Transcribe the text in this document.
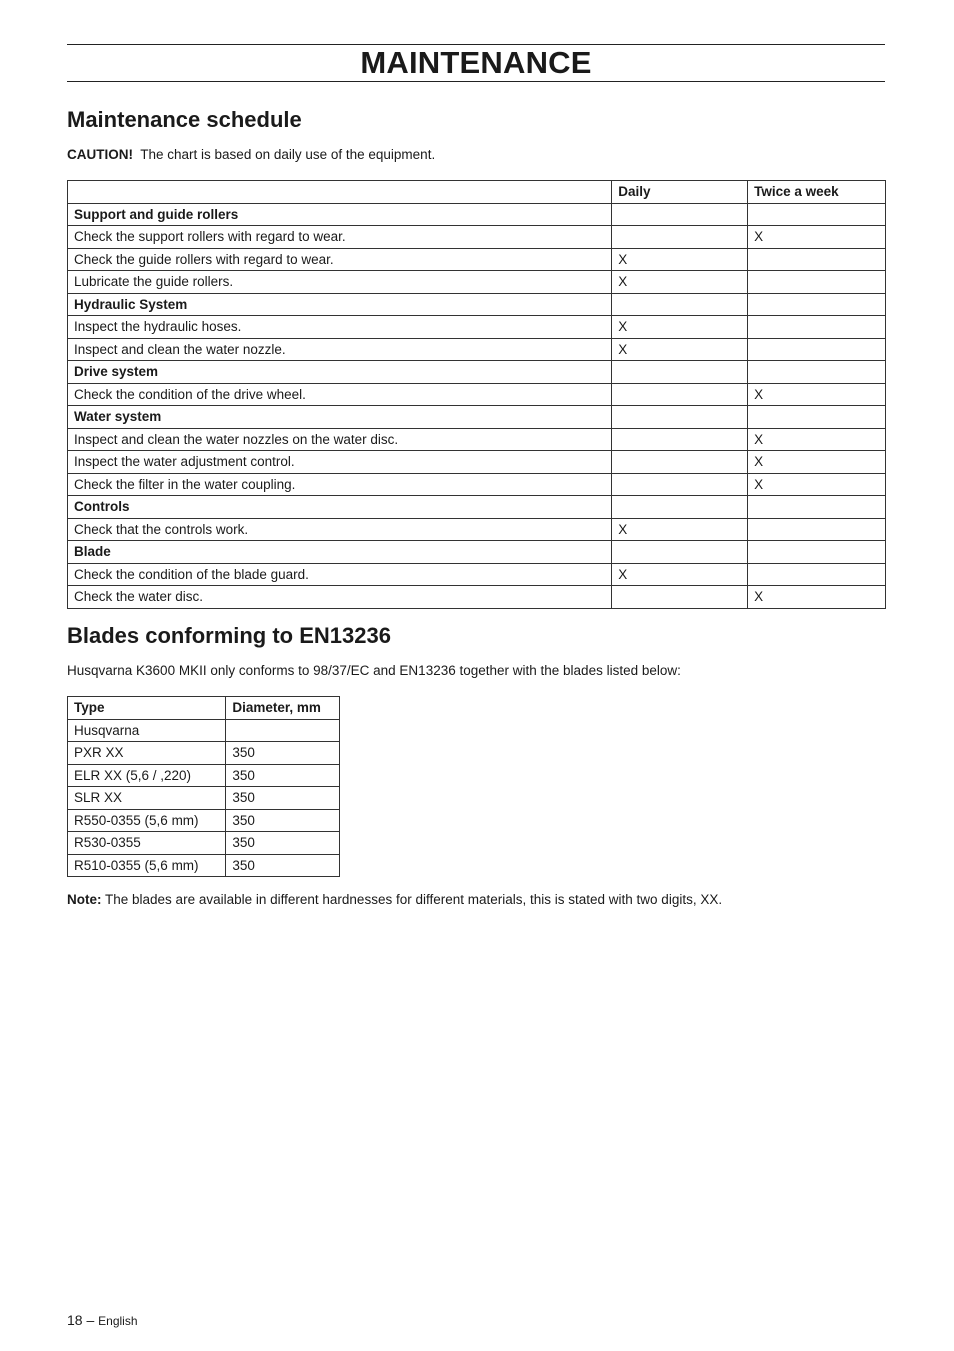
MAINTENANCE
Maintenance schedule

CAUTION! The chart is based on daily use of the equipment.

	Daily	Twice a week
Support and guide rollers		
Check the support rollers with regard to wear.		X
Check the guide rollers with regard to wear.	X	
Lubricate the guide rollers.	X	
Hydraulic System		
Inspect the hydraulic hoses.	X	
Inspect and clean the water nozzle.	X	
Drive system		
Check the condition of the drive wheel.		X
Water system		
Inspect and clean the water nozzles on the water disc.		X
Inspect the water adjustment control.		X
Check the filter in the water coupling.		X
Controls		
Check that the controls work.	X	
Blade		
Check the condition of the blade guard.	X	
Check the water disc.		X
Blades conforming to EN13236

Husqvarna K3600 MKII only conforms to 98/37/EC and EN13236 together with the blades listed below:

Type	Diameter, mm
Husqvarna	
PXR XX	350
ELR XX (5,6 / ,220)	350
SLR XX	350
R550-0355 (5,6 mm)	350
R530-0355	350
R510-0355 (5,6 mm)	350

Note: The blades are available in different hardnesses for different materials, this is stated with two digits, XX.

18 – English
